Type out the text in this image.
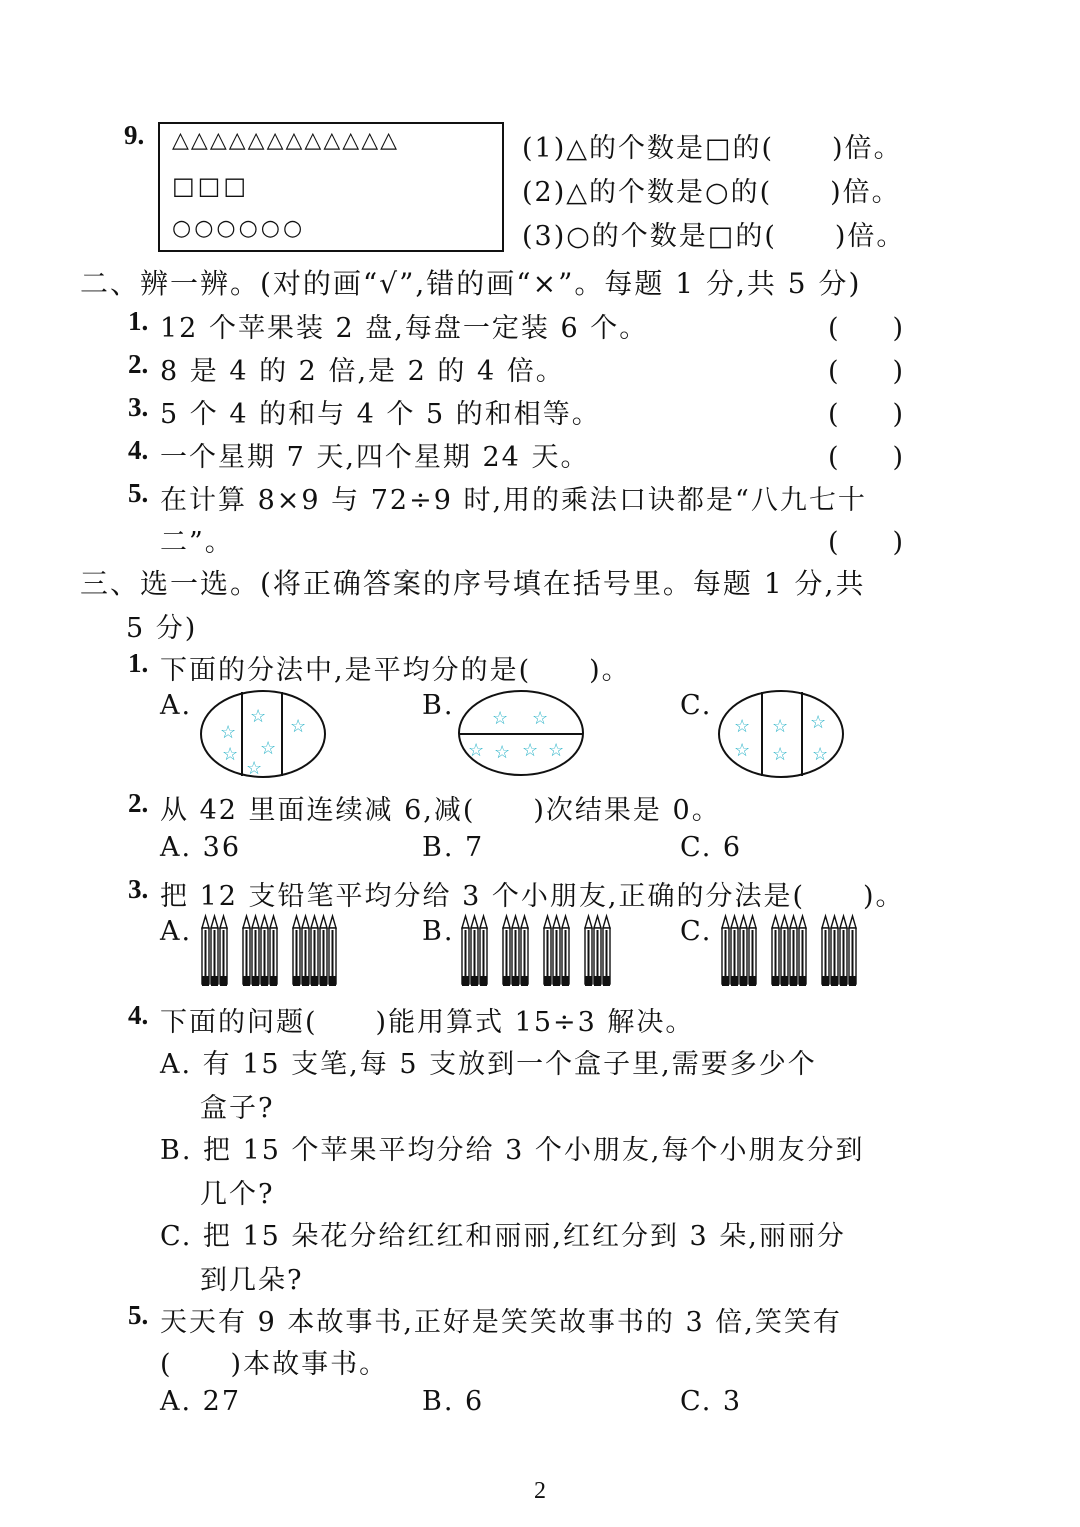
9. △△△△△△△△△△△△
□□□
○○○○○○
(1)△的个数是□的(　　)倍。
(2)△的个数是○的(　　)倍。
(3)○的个数是□的(　　)倍。
二、辨一辨。(对的画“√”,错的画“×”。每题 1 分,共 5 分)
1. 12 个苹果装 2 盘,每盘一定装 6 个。	(　　)
2. 8 是 4 的 2 倍,是 2 的 4 倍。	(　　)
3. 5 个 4 的和与 4 个 5 的和相等。	(　　)
4. 一个星期 7 天,四个星期 24 天。	(　　)
5. 在计算 8×9 与 72÷9 时,用的乘法口诀都是“八九七十
二”。	(　　)
三、选一选。(将正确答案的序号填在括号里。每题 1 分,共
5 分)
1. 下面的分法中,是平均分的是(　　)。
A.
☆
☆
☆
☆
☆
☆
B. ☆ ☆
☆ ☆ ☆ ☆
C.
☆
☆
☆
☆
☆
☆
2. 从 42 里面连续减 6,减(　　)次结果是 0。
A. 36	B. 7	C. 6
3. 把 12 支铅笔平均分给 3 个小朋友,正确的分法是(　　)。
A.	B.	C.
4. 下面的问题(　　)能用算式 15÷3 解决。
A. 有 15 支笔,每 5 支放到一个盒子里,需要多少个
盒子?
B. 把 15 个苹果平均分给 3 个小朋友,每个小朋友分到
几个?
C. 把 15 朵花分给红红和丽丽,红红分到 3 朵,丽丽分
到几朵?
5. 天天有 9 本故事书,正好是笑笑故事书的 3 倍,笑笑有
(　　)本故事书。
A. 27	B. 6	C. 3
2
